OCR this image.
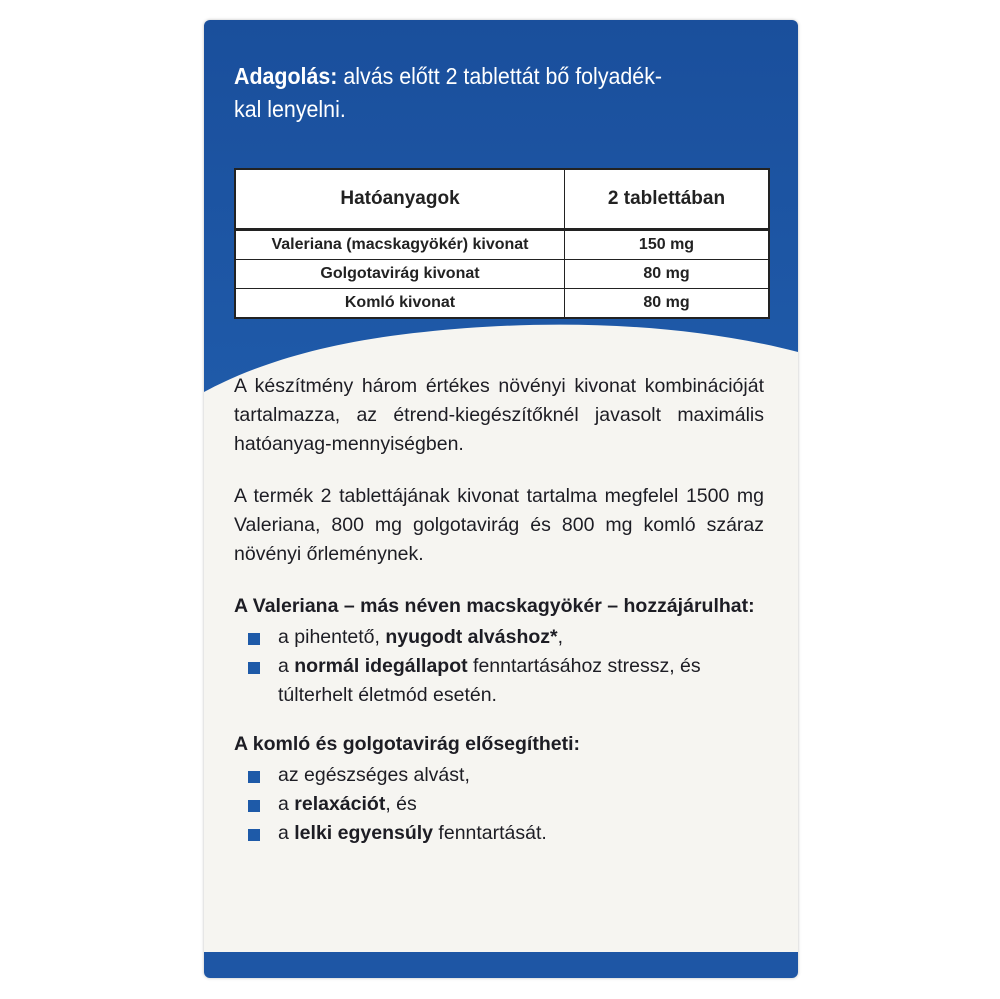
Adagolás: alvás előtt 2 tablettát bő folyadék-
kal lenyelni.
Hatóanyagok	2 tablettában
Valeriana (macskagyökér) kivonat	150 mg
Golgotavirág kivonat	80 mg
Komló kivonat	80 mg

A készítmény három értékes növényi kivonat kombinációját tartalmazza, az étrend-kiegészítőknél javasolt maximális hatóanyag-mennyiségben.

A termék 2 tablettájának kivonat tartalma megfelel 1500 mg Valeriana, 800 mg golgotavirág és 800 mg komló száraz növényi őrleménynek.

A Valeriana – más néven macskagyökér – hozzájárulhat:

a pihentető, nyugodt alváshoz*,
a normál idegállapot fenntartásához stressz, és túlterhelt életmód esetén.

A komló és golgotavirág elősegítheti:

az egészséges alvást,
a relaxációt, és
a lelki egyensúly fenntartását.
